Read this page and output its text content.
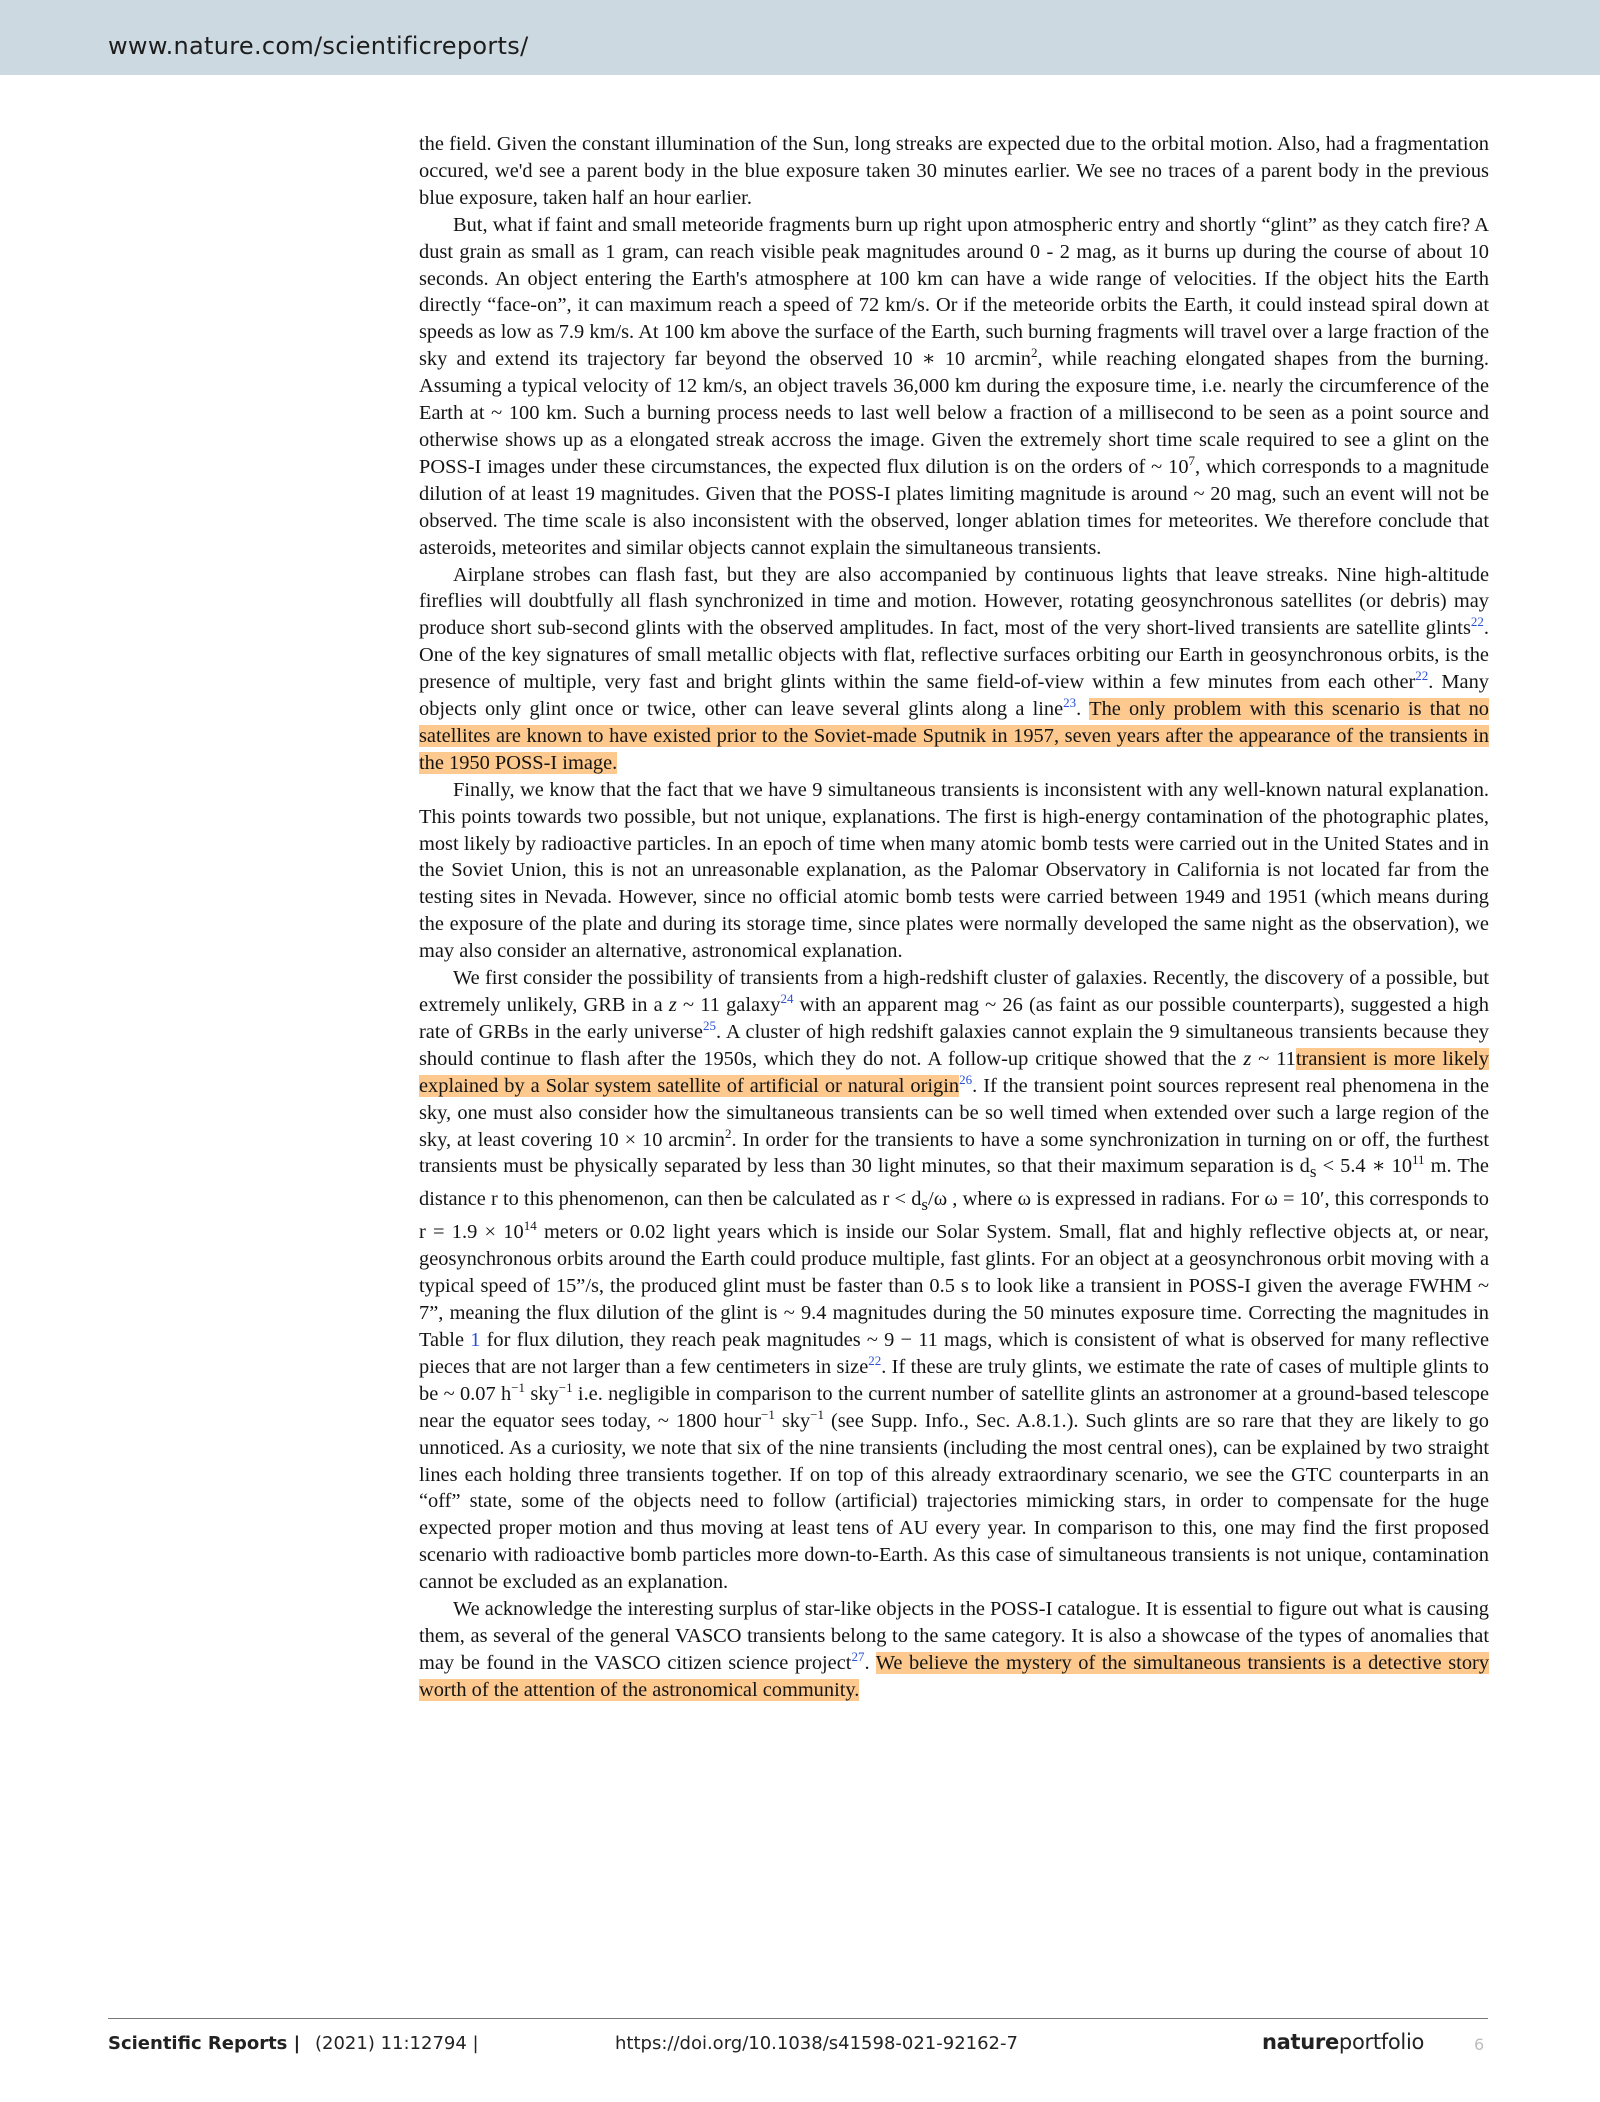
www.nature.com/scientificreports/

the field. Given the constant illumination of the Sun, long streaks are expected due to the orbital motion. Also, had a fragmentation occured, we'd see a parent body in the blue exposure taken 30 minutes earlier. We see no traces of a parent body in the previous blue exposure, taken half an hour earlier.

But, what if faint and small meteoride fragments burn up right upon atmospheric entry and shortly “glint” as they catch fire? A dust grain as small as 1 gram, can reach visible peak magnitudes around 0 - 2 mag, as it burns up during the course of about 10 seconds. An object entering the Earth's atmosphere at 100 km can have a wide range of velocities. If the object hits the Earth directly “face-on”, it can maximum reach a speed of 72 km/s. Or if the meteoride orbits the Earth, it could instead spiral down at speeds as low as 7.9 km/s. At 100 km above the surface of the Earth, such burning fragments will travel over a large fraction of the sky and extend its trajectory far beyond the observed 10 ∗ 10 arcmin$^2$, while reaching elongated shapes from the burning. Assuming a typical velocity of 12 km/s, an object travels 36,000 km during the exposure time, i.e. nearly the circumference of the Earth at ~ 100 km. Such a burning process needs to last well below a fraction of a millisecond to be seen as a point source and otherwise shows up as a elongated streak accross the image. Given the extremely short time scale required to see a glint on the POSS-I images under these circumstances, the expected flux dilution is on the orders of ~ $10^7$, which corresponds to a magnitude dilution of at least 19 magnitudes. Given that the POSS-I plates limiting magnitude is around ~ 20 mag, such an event will not be observed. The time scale is also inconsistent with the observed, longer ablation times for meteorites. We therefore conclude that asteroids, meteorites and similar objects cannot explain the simultaneous transients.

Airplane strobes can flash fast, but they are also accompanied by continuous lights that leave streaks. Nine high-altitude fireflies will doubtfully all flash synchronized in time and motion. However, rotating geosynchronous satellites (or debris) may produce short sub-second glints with the observed amplitudes. In fact, most of the very short-lived transients are satellite glints$^{22}$. One of the key signatures of small metallic objects with flat, reflective surfaces orbiting our Earth in geosynchronous orbits, is the presence of multiple, very fast and bright glints within the same field-of-view within a few minutes from each other$^{22}$. Many objects only glint once or twice, other can leave several glints along a line$^{23}$. The only problem with this scenario is that no satellites are known to have existed prior to the Soviet-made Sputnik in 1957, seven years after the appearance of the transients in the 1950 POSS-I image.

Finally, we know that the fact that we have 9 simultaneous transients is inconsistent with any well-known natural explanation. This points towards two possible, but not unique, explanations. The first is high-energy contamination of the photographic plates, most likely by radioactive particles. In an epoch of time when many atomic bomb tests were carried out in the United States and in the Soviet Union, this is not an unreasonable explanation, as the Palomar Observatory in California is not located far from the testing sites in Nevada. However, since no official atomic bomb tests were carried between 1949 and 1951 (which means during the exposure of the plate and during its storage time, since plates were normally developed the same night as the observation), we may also consider an alternative, astronomical explanation.

We first consider the possibility of transients from a high-redshift cluster of galaxies. Recently, the discovery of a possible, but extremely unlikely, GRB in a z ~ 11 galaxy$^{24}$ with an apparent mag ~ 26 (as faint as our possible counterparts), suggested a high rate of GRBs in the early universe$^{25}$. A cluster of high redshift galaxies cannot explain the 9 simultaneous transients because they should continue to flash after the 1950s, which they do not. A follow-up critique showed that the z ~ 11transient is more likely explained by a Solar system satellite of artificial or natural origin$^{26}$. If the transient point sources represent real phenomena in the sky, one must also consider how the simultaneous transients can be so well timed when extended over such a large region of the sky, at least covering 10 × 10 arcmin$^2$. In order for the transients to have a some synchronization in turning on or off, the furthest transients must be physically separated by less than 30 light minutes, so that their maximum separation is $d_s < 5.4$ ∗ $10^{11}$ m. The distance r to this phenomenon, can then be calculated as $r < d_s/\omega$ , where ω is expressed in radians. For ω = 10′, this corresponds to $r = 1.9 \times 10^{14}$ meters or 0.02 light years which is inside our Solar System. Small, flat and highly reflective objects at, or near, geosynchronous orbits around the Earth could produce multiple, fast glints. For an object at a geosynchronous orbit moving with a typical speed of 15”/s, the produced glint must be faster than 0.5 s to look like a transient in POSS-I given the average FWHM ~ 7”, meaning the flux dilution of the glint is ~ 9.4 magnitudes during the 50 minutes exposure time. Correcting the magnitudes in Table 1 for flux dilution, they reach peak magnitudes ~ 9 − 11 mags, which is consistent of what is observed for many reflective pieces that are not larger than a few centimeters in size$^{22}$. If these are truly glints, we estimate the rate of cases of multiple glints to be ~ 0.07 $h^{-1}$ sky$^{-1}$ i.e. negligible in comparison to the current number of satellite glints an astronomer at a ground-based telescope near the equator sees today, ~ 1800 hour$^{-1}$ sky$^{-1}$ (see Supp. Info., Sec. A.8.1.). Such glints are so rare that they are likely to go unnoticed. As a curiosity, we note that six of the nine transients (including the most central ones), can be explained by two straight lines each holding three transients together. If on top of this already extraordinary scenario, we see the GTC counterparts in an “off” state, some of the objects need to follow (artificial) trajectories mimicking stars, in order to compensate for the huge expected proper motion and thus moving at least tens of AU every year. In comparison to this, one may find the first proposed scenario with radioactive bomb particles more down-to-Earth. As this case of simultaneous transients is not unique, contamination cannot be excluded as an explanation.

We acknowledge the interesting surplus of star-like objects in the POSS-I catalogue. It is essential to figure out what is causing them, as several of the general VASCO transients belong to the same category. It is also a showcase of the types of anomalies that may be found in the VASCO citizen science project$^{27}$. We believe the mystery of the simultaneous transients is a detective story worth of the attention of the astronomical community.

Scientific Reports | (2021) 11:12794 |	https://doi.org/10.1038/s41598-021-92162-7	natureportfolio	6
